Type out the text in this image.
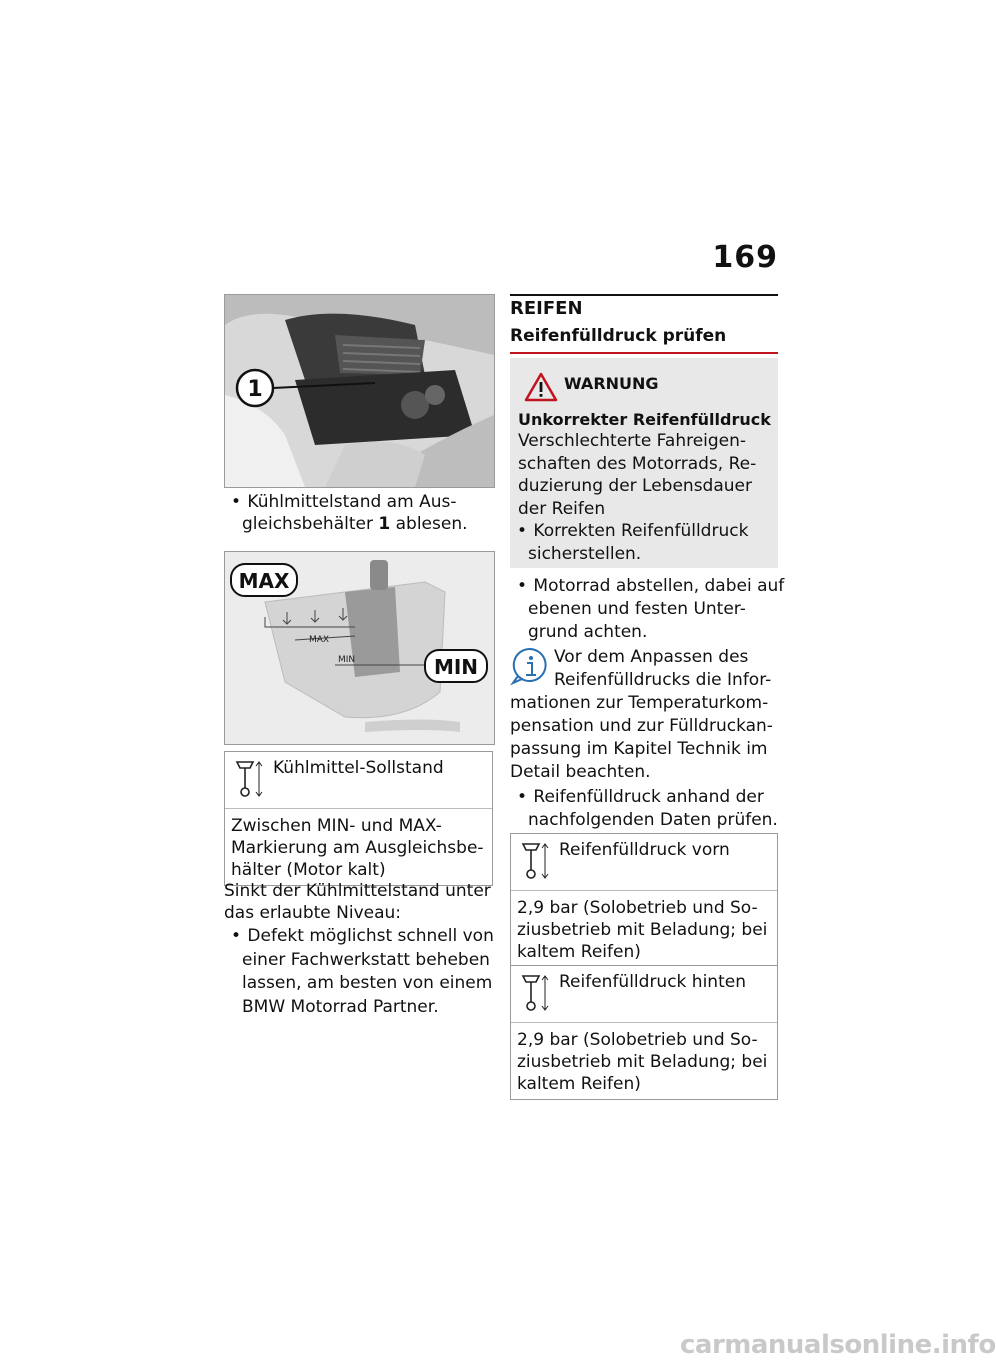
169
1
• Kühlmittelstand am Aus-
gleichsbehälter 1 ablesen.
MAX
MIN
MAX
MIN
Kühlmittel-Sollstand
Zwischen MIN- und MAX-
Markierung am Ausgleichsbe-
hälter (Motor kalt)
Sinkt der Kühlmittelstand unter
das erlaubte Niveau:
• Defekt möglichst schnell von
einer Fachwerkstatt beheben
lassen, am besten von einem
BMW Motorrad Partner.
REIFEN
Reifenfülldruck prüfen
WARNUNG
Unkorrekter Reifenfülldruck
Verschlechterte Fahreigen-
schaften des Motorrads, Re-
duzierung der Lebensdauer
der Reifen
• Korrekten Reifenfülldruck
sicherstellen.
• Motorrad abstellen, dabei auf
ebenen und festen Unter-
grund achten.
Vor dem Anpassen des
Reifenfülldrucks die Infor-
mationen zur Temperaturkom-
pensation und zur Fülldruckan-
passung im Kapitel Technik im
Detail beachten.
• Reifenfülldruck anhand der
nachfolgenden Daten prüfen.
Reifenfülldruck vorn
2,9 bar (Solobetrieb und So-
ziusbetrieb mit Beladung; bei
kaltem Reifen)
Reifenfülldruck hinten
2,9 bar (Solobetrieb und So-
ziusbetrieb mit Beladung; bei
kaltem Reifen)
carmanualsonline.info
